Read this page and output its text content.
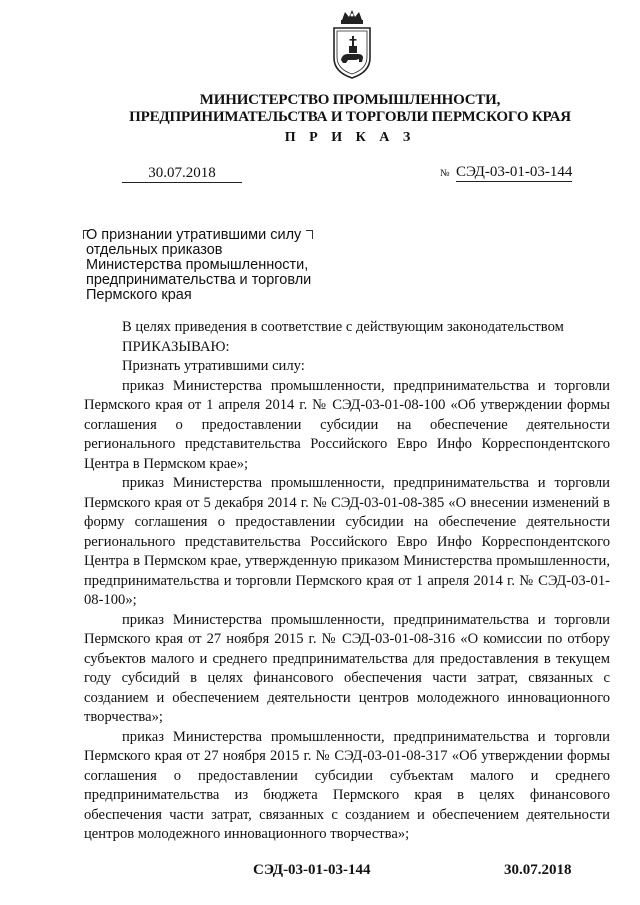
МИНИСТЕРСТВО ПРОМЫШЛЕННОСТИ,
ПРЕДПРИНИМАТЕЛЬСТВА И ТОРГОВЛИ ПЕРМСКОГО КРАЯ
П Р И К А З
30.07.2018	№ СЭД-03-01-03-144
О признании утратившими силу
отдельных приказов
Министерства промышленности,
предпринимательства и торговли
Пермского края

В целях приведения в соответствие с действующим законодательством

ПРИКАЗЫВАЮ:

Признать утратившими силу:

приказ Министерства промышленности, предпринимательства и торговли Пермского края от 1 апреля 2014 г. № СЭД-03-01-08-100 «Об утверждении формы соглашения о предоставлении субсидии на обеспечение деятельности регионального представительства Российского Евро Инфо Корреспондентского Центра в Пермском крае»;

приказ Министерства промышленности, предпринимательства и торговли Пермского края от 5 декабря 2014 г. № СЭД-03-01-08-385 «О внесении изменений в форму соглашения о предоставлении субсидии на обеспечение деятельности регионального представительства Российского Евро Инфо Корреспондентского Центра в Пермском крае, утвержденную приказом Министерства промышленности, предпринимательства и торговли Пермского края от 1 апреля 2014 г. № СЭД-03-01-08-100»;

приказ Министерства промышленности, предпринимательства и торговли Пермского края от 27 ноября 2015 г. № СЭД-03-01-08-316 «О комиссии по отбору субъектов малого и среднего предпринимательства для предоставления в текущем году субсидий в целях финансового обеспечения части затрат, связанных с созданием и обеспечением деятельности центров молодежного инновационного творчества»;

приказ Министерства промышленности, предпринимательства и торговли Пермского края от 27 ноября 2015 г. № СЭД-03-01-08-317 «Об утверждении формы соглашения о предоставлении субсидии субъектам малого и среднего предпринимательства из бюджета Пермского края в целях финансового обеспечения части затрат, связанных с созданием и обеспечением деятельности центров молодежного инновационного творчества»;

СЭД-03-01-03-144	30.07.2018
